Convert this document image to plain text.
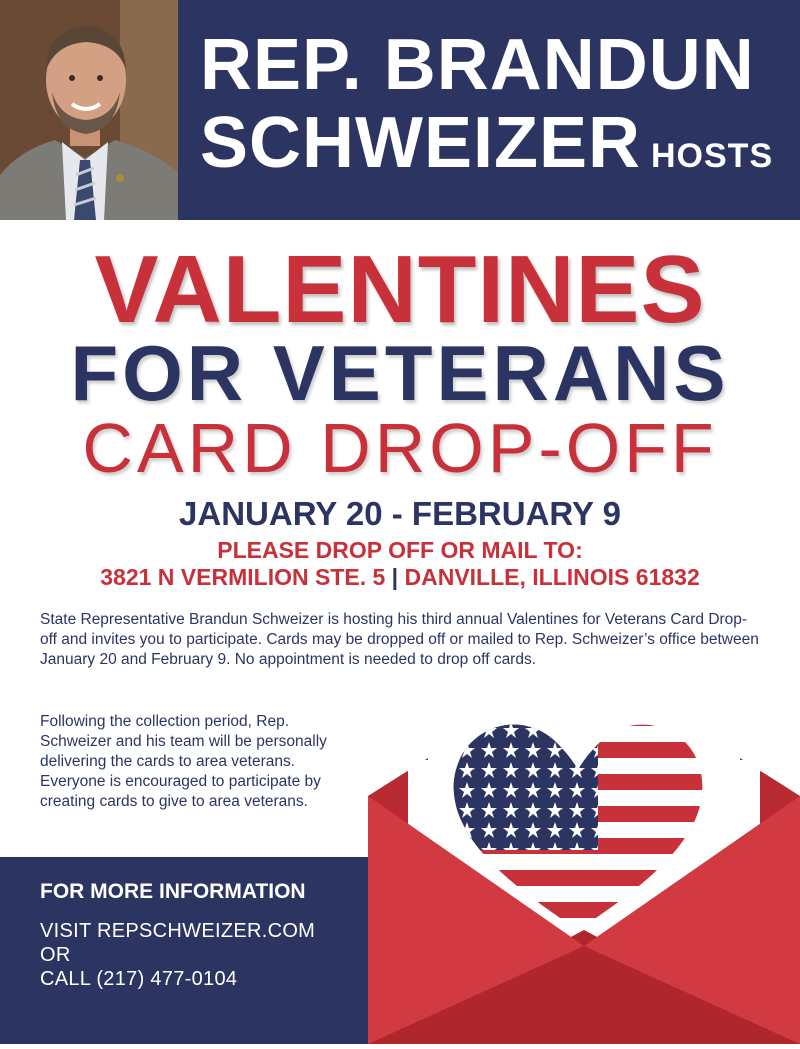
REP. BRANDUN
SCHWEIZER HOSTS
VALENTINES
FOR VETERANS
CARD DROP-OFF
JANUARY 20 - FEBRUARY 9
PLEASE DROP OFF OR MAIL TO:
3821 N VERMILION STE. 5 | DANVILLE, ILLINOIS 61832
State Representative Brandun Schweizer is hosting his third annual Valentines for Veterans Card Drop-off and invites you to participate. Cards may be dropped off or mailed to Rep. Schweizer’s office between January 20 and February 9. No appointment is needed to drop off cards.
Following the collection period, Rep. Schweizer and his team will be personally delivering the cards to area veterans. Everyone is encouraged to participate by creating cards to give to area veterans.
FOR MORE INFORMATION
VISIT REPSCHWEIZER.COM
OR
CALL (217) 477-0104
